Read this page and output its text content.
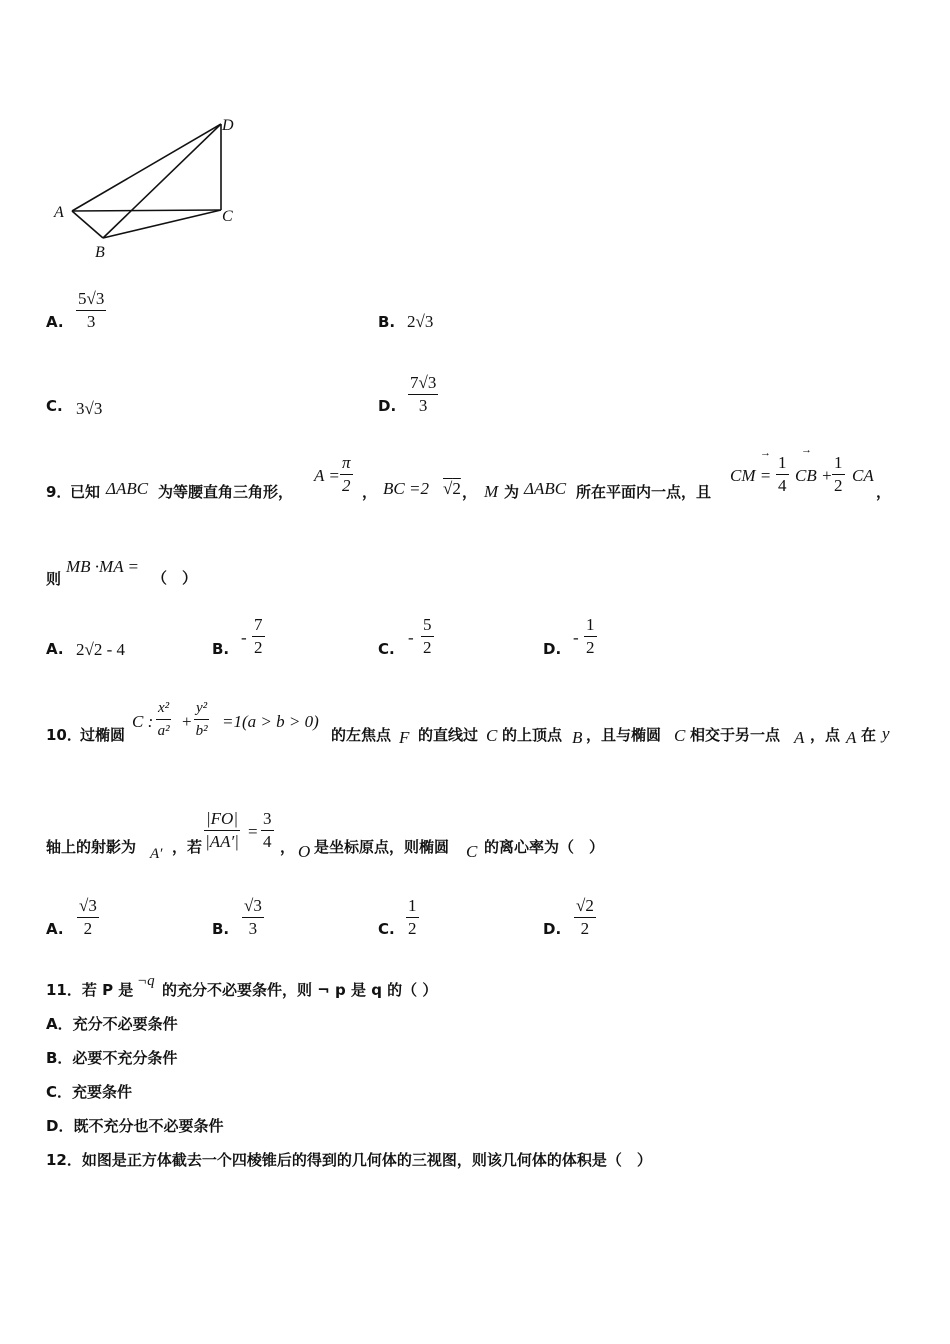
A
B
C
D
A. $\frac{5√3}{3}$	B. 2√3
C. 3√3	D. $\frac{7√3}{3}$
9．
已知 ΔABC 为等腰直角三角形，
$A = \frac{\pi}{2}$ ， BC =2 √2 ， M 为 ΔABC 所在平面内一点，且
→
CM = $\frac{1}{4}$
→
CB + $\frac{1}{2}$ CA
，
则
MB ·MA =
（　）
A. 2√2 - 4	B.
- $\frac{7}{2}$	C.
- $\frac{5}{2}$	D.
- $\frac{1}{2}$
10．
过椭圆
C : $\frac{\text{x²}}{\text{a²}} + \frac{\text{y²}}{\text{b²}} =1(a > b > 0)$
的左焦点 F 的直线过 C 的上顶点 B ，且与椭圆 C 相交于另一点 A ，点 A 在 y
轴上的射影为 A′ ，若 $\frac{|FO|}{|AA'|} = \frac{3}{4}$ ， O 是坐标原点，则椭圆 C 的离心率为（　）
A. $\frac{√3}{2}$	B. $\frac{√3}{3}$	C. $\frac{1}{2}$	D. $\frac{√2}{2}$
11．若 P 是 ¬q 的充分不必要条件，则 ¬ p 是 q 的（ ）
A．充分不必要条件
B．必要不充分条件
C．充要条件
D．既不充分也不必要条件
12．如图是正方体截去一个四棱锥后的得到的几何体的三视图，则该几何体的体积是（　）
